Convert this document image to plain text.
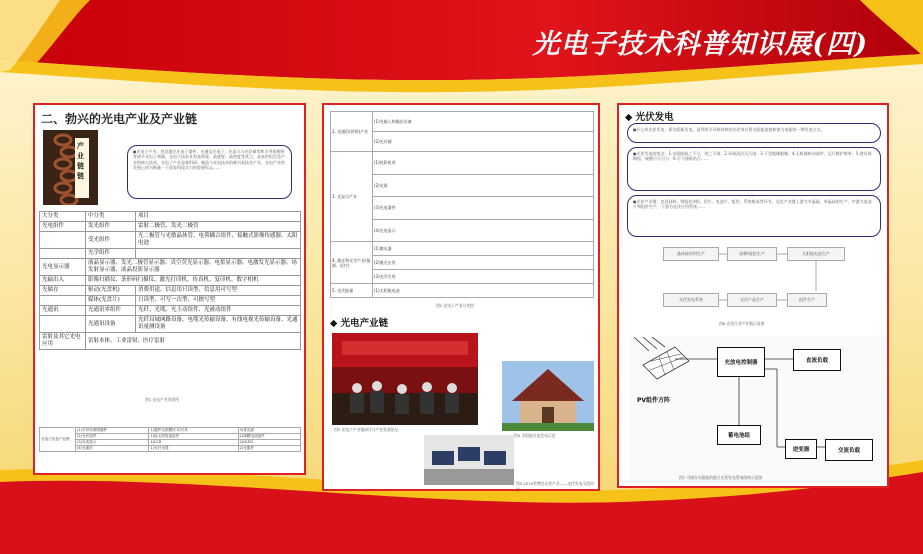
光电子技术科普知识展(四)
二、勃兴的光电产业及产业链
产业链链
●光电子产业：包括激光光电子器件，光通信光电子、光显示与光存储等和半导体照明等诸多光电子领域，光电子技术具有高带宽、高速度、高密度等优点，是本世纪信息产业的核心技术，光电子产业是集科研、制造与光电技术的新兴高技术产业，光电产业的发展已成为衡量一个国家科技实力的重要标志……
大分类	中分类	项目
光电组件	发光组件	雷射二极管、发光二极管
	受光组件	光二极管与光敏晶体管、电荷耦合组件、接触式影像传感器、太阳电池
	光学组件	
光电显示器	液晶显示器、发光二极管显示器、真空荧光显示器、电浆显示器、电激发光显示器、场发射显示器、液晶投影显示器	
光输出入	影像扫描仪、条形码扫描仪、激光打印机、传真机、复印机、数字相机	
光储存	驱动(光盘机)	消费用途、信息用只读型、信息用可写型
	媒体(光盘片)	只读型、可写一次型、可擦写型
光通讯	光通讯零组件	光纤、光缆、光主动组件、光被动组件
	光通讯设备	光纤局域网路设备、电缆光传输设备、有线电视光传输设备、光通讯量测设备
雷射及其它光电应用	雷射本体、工业雷射、医疗雷射	
图1 光电产业类别图
光电子信息产业链	(1)半导体照明器件	1)器件光源模块 2)灯具	3)背光源
	(2)光伏组件	1)硅太阳电池组件	2)薄膜电池组件
	(3)光电显示	1)LCD	2)OLED
	(4)光通信	1)光纤光缆	2)光器件
2. 光通信(营销)产业	(1)光输入和输出设备
	(2)光存储
3. 光显示产业	(1)投影机用
	(2)光源
	(3)光电器件
	(4)光电显示
4. 激光和光学产业(能源、医疗)	(1)激光器
	(2)激光应用
	(3)光学应用
5. 光伏能量	(1)太阳能电池
图2 光电子产业分类图
◆ 光电产业链
图3 光电子产业链研讨与产业发展论坛
图4 太阳能光电发电示范
图5 2010世博会光伏产业——光伏发电示范项目
◆ 光伏发电
●什么叫光伏发电：即太阳能发电，是利用半导体材料的光伏效应将太阳能直接转换为电能的一种发电方式。
●光伏发电的优点：1.太阳能取之不尽，用之不竭；2.环保清洁无污染；3.不受地域限制；4.无机械转动部件，运行维护简单；5.建设周期短，规模可大可小；6.可与建筑结合……
●光伏产业链：包括硅料、铸锭(拉棒)、切片、电池片、组件、系统集成等环节。光伏产业链上游为多晶硅、单晶硅的生产，中游为电池片和组件生产，下游为光伏应用系统……
晶体硅材料生产	硅棒/硅锭生产	太阳能电池生产
光伏发电系统	光伏产品生产	组件生产
图6 光伏行业产业链示意图
PV组件方阵
充放电控制器	直流负载
蓄电池组
逆变器	交流负载
图7 可储存太阳能的独立光伏发电系统结构示意图
